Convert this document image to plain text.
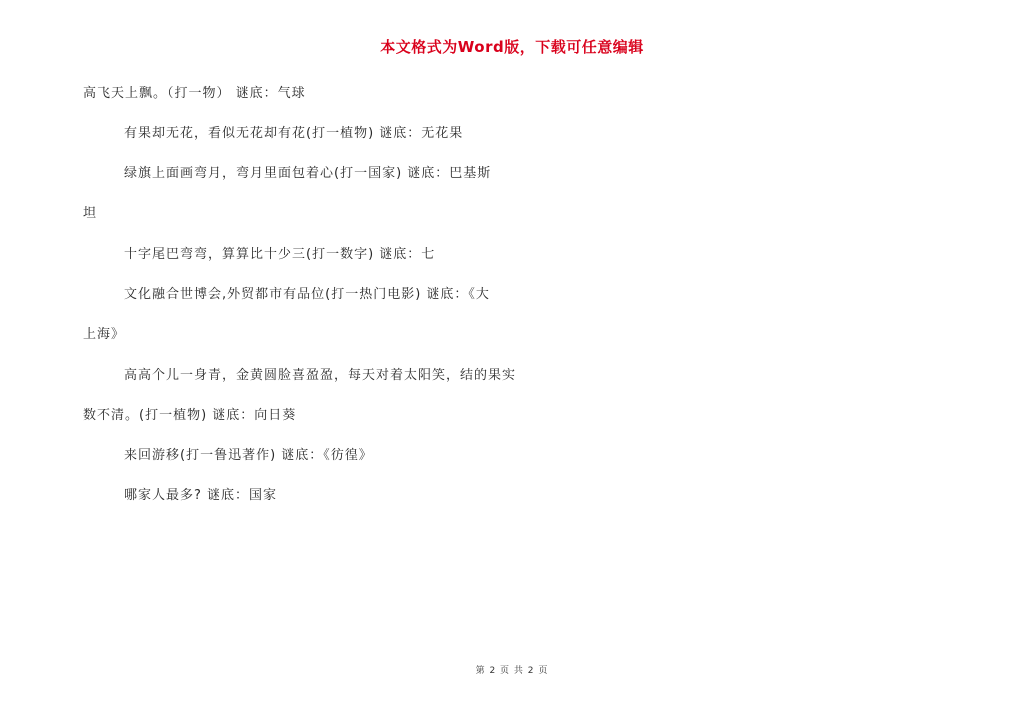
本文格式为Word版，下载可任意编辑
高飞天上飘。（打一物） 谜底：气球
有果却无花，看似无花却有花(打一植物) 谜底：无花果
绿旗上面画弯月，弯月里面包着心(打一国家) 谜底：巴基斯
坦
十字尾巴弯弯，算算比十少三(打一数字) 谜底：七
文化融合世博会,外贸都市有品位(打一热门电影) 谜底：《大
上海》
高高个儿一身青，金黄圆脸喜盈盈，每天对着太阳笑，结的果实
数不清。(打一植物) 谜底：向日葵
来回游移(打一鲁迅著作) 谜底：《彷徨》
哪家人最多? 谜底：国家
第 2 页 共 2 页
